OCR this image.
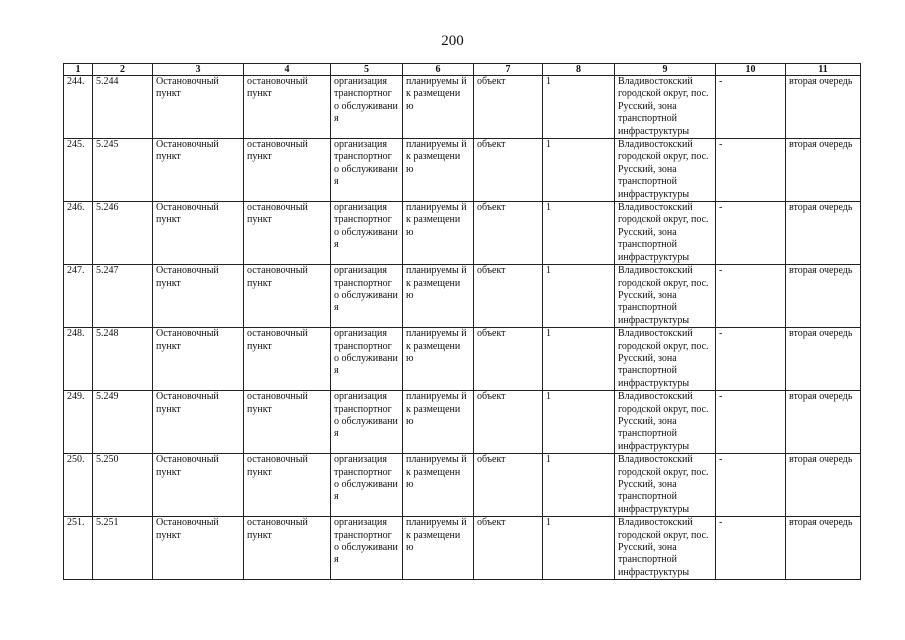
200
1	2	3	4	5	6	7	8	9	10	11
244.	5.244	Остановочный пункт	остановочный пункт	организация транспортног о обслуживани я	планируемы й к размещени ю	объект	1	Владивостокский городской округ, пос. Русский, зона транспортной инфраструктуры	-	вторая очередь
245.	5.245	Остановочный пункт	остановочный пункт	организация транспортног о обслуживани я	планируемы й к размещени ю	объект	1	Владивостокский городской округ, пос. Русский, зона транспортной инфраструктуры	-	вторая очередь
246.	5.246	Остановочный пункт	остановочный пункт	организация транспортног о обслуживани я	планируемы й к размещени ю	объект	1	Владивостокский городской округ, пос. Русский, зона транспортной инфраструктуры	-	вторая очередь
247.	5.247	Остановочный пункт	остановочный пункт	организация транспортног о обслуживани я	планируемы й к размещени ю	объект	1	Владивостокский городской округ, пос. Русский, зона транспортной инфраструктуры	-	вторая очередь
248.	5.248	Остановочный пункт	остановочный пункт	организация транспортног о обслуживани я	планируемы й к размещени ю	объект	1	Владивостокский городской округ, пос. Русский, зона транспортной инфраструктуры	-	вторая очередь
249.	5.249	Остановочный пункт	остановочный пункт	организация транспортног о обслуживани я	планируемы й к размещени ю	объект	1	Владивостокский городской округ, пос. Русский, зона транспортной инфраструктуры	-	вторая очередь
250.	5.250	Остановочный пункт	остановочный пункт	организация транспортног о обслуживани я	планируемы й к размещенн ю	объект	1	Владивостокский городской округ, пос. Русский, зона транспортной инфраструктуры	-	вторая очередь
251.	5.251	Остановочный пункт	остановочный пункт	организация транспортног о обслуживани я	планируемы й к размещени ю	объект	1	Владивостокский городской округ, пос. Русский, зона транспортной инфраструктуры	-	вторая очередь
